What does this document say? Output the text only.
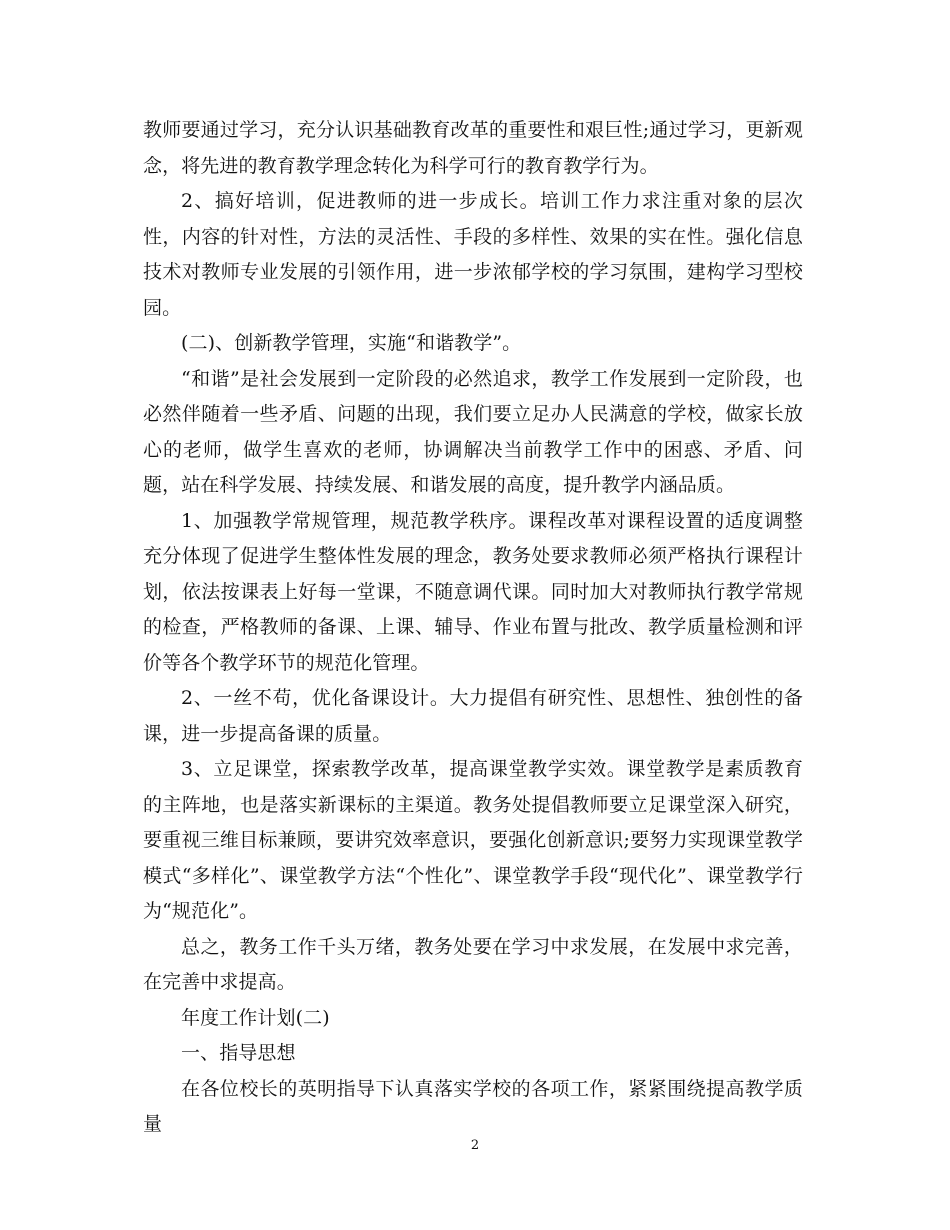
教师要通过学习，充分认识基础教育改革的重要性和艰巨性;通过学习，更新观念，将先进的教育教学理念转化为科学可行的教育教学行为。

2、搞好培训，促进教师的进一步成长。培训工作力求注重对象的层次性，内容的针对性，方法的灵活性、手段的多样性、效果的实在性。强化信息技术对教师专业发展的引领作用，进一步浓郁学校的学习氛围，建构学习型校园。

(二)、创新教学管理，实施“和谐教学”。

“和谐”是社会发展到一定阶段的必然追求，教学工作发展到一定阶段，也必然伴随着一些矛盾、问题的出现，我们要立足办人民满意的学校，做家长放心的老师，做学生喜欢的老师，协调解决当前教学工作中的困惑、矛盾、问题，站在科学发展、持续发展、和谐发展的高度，提升教学内涵品质。

1、加强教学常规管理，规范教学秩序。课程改革对课程设置的适度调整充分体现了促进学生整体性发展的理念，教务处要求教师必须严格执行课程计划，依法按课表上好每一堂课，不随意调代课。同时加大对教师执行教学常规的检查，严格教师的备课、上课、辅导、作业布置与批改、教学质量检测和评价等各个教学环节的规范化管理。

2、一丝不苟，优化备课设计。大力提倡有研究性、思想性、独创性的备课，进一步提高备课的质量。

3、立足课堂，探索教学改革，提高课堂教学实效。课堂教学是素质教育的主阵地，也是落实新课标的主渠道。教务处提倡教师要立足课堂深入研究，要重视三维目标兼顾，要讲究效率意识，要强化创新意识;要努力实现课堂教学模式“多样化”、课堂教学方法“个性化”、课堂教学手段“现代化”、课堂教学行为“规范化”。

总之，教务工作千头万绪，教务处要在学习中求发展，在发展中求完善，在完善中求提高。

年度工作计划(二)

一、指导思想

在各位校长的英明指导下认真落实学校的各项工作，紧紧围绕提高教学质量

2
